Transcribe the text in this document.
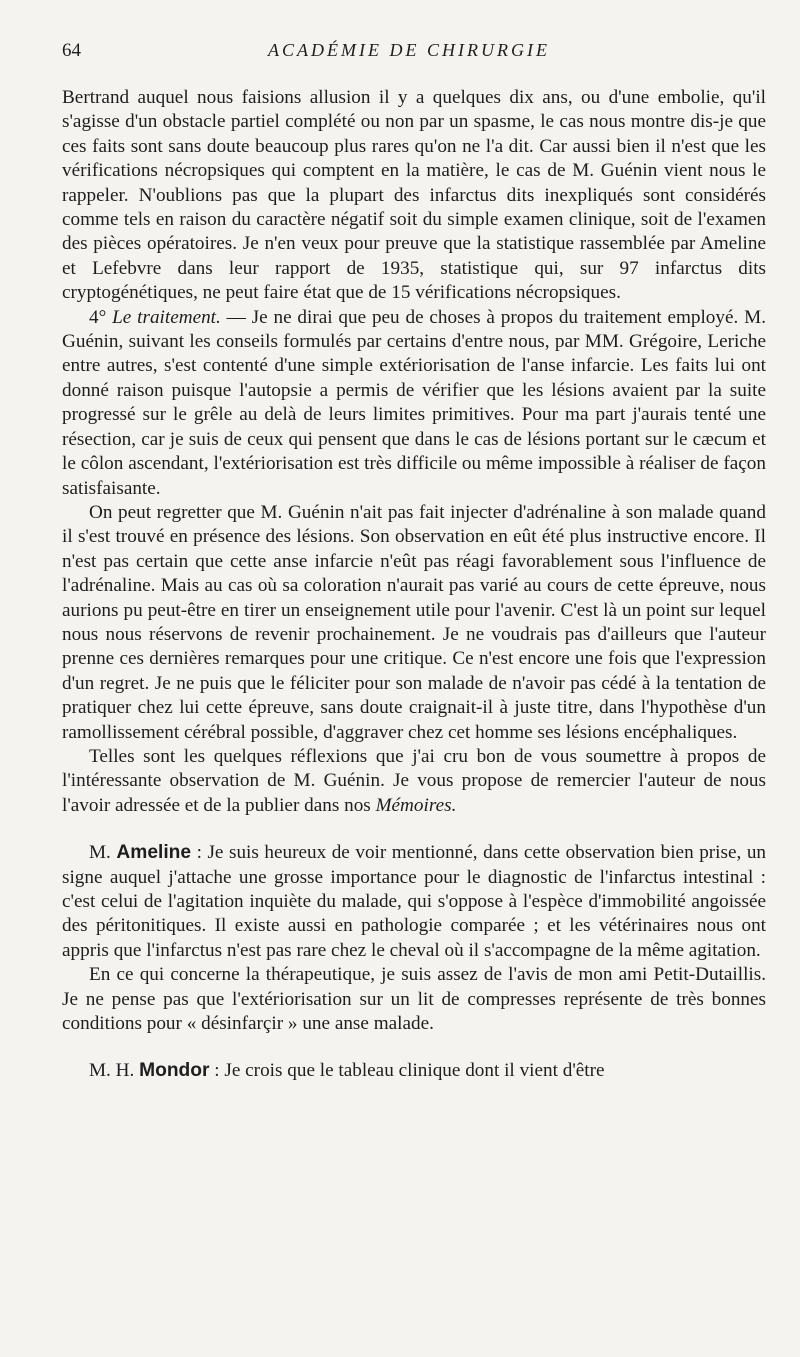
64	ACADÉMIE DE CHIRURGIE

Bertrand auquel nous faisions allusion il y a quelques dix ans, ou d'une embolie, qu'il s'agisse d'un obstacle partiel complété ou non par un spasme, le cas nous montre dis-je que ces faits sont sans doute beaucoup plus rares qu'on ne l'a dit. Car aussi bien il n'est que les vérifications nécropsiques qui comptent en la matière, le cas de M. Guénin vient nous le rappeler. N'oublions pas que la plupart des infarctus dits inexpliqués sont considérés comme tels en raison du caractère négatif soit du simple examen clinique, soit de l'examen des pièces opératoires. Je n'en veux pour preuve que la statistique rassemblée par Ameline et Lefebvre dans leur rapport de 1935, statistique qui, sur 97 infarctus dits cryptogénétiques, ne peut faire état que de 15 vérifications nécropsiques.

4° Le traitement. — Je ne dirai que peu de choses à propos du traitement employé. M. Guénin, suivant les conseils formulés par certains d'entre nous, par MM. Grégoire, Leriche entre autres, s'est contenté d'une simple extériorisation de l'anse infarcie. Les faits lui ont donné raison puisque l'autopsie a permis de vérifier que les lésions avaient par la suite progressé sur le grêle au delà de leurs limites primitives. Pour ma part j'aurais tenté une résection, car je suis de ceux qui pensent que dans le cas de lésions portant sur le cæcum et le côlon ascendant, l'extériorisation est très difficile ou même impossible à réaliser de façon satisfaisante.

On peut regretter que M. Guénin n'ait pas fait injecter d'adrénaline à son malade quand il s'est trouvé en présence des lésions. Son observation en eût été plus instructive encore. Il n'est pas certain que cette anse infarcie n'eût pas réagi favorablement sous l'influence de l'adrénaline. Mais au cas où sa coloration n'aurait pas varié au cours de cette épreuve, nous aurions pu peut-être en tirer un enseignement utile pour l'avenir. C'est là un point sur lequel nous nous réservons de revenir prochainement. Je ne voudrais pas d'ailleurs que l'auteur prenne ces dernières remarques pour une critique. Ce n'est encore une fois que l'expression d'un regret. Je ne puis que le féliciter pour son malade de n'avoir pas cédé à la tentation de pratiquer chez lui cette épreuve, sans doute craignait-il à juste titre, dans l'hypothèse d'un ramollissement cérébral possible, d'aggraver chez cet homme ses lésions encéphaliques.

Telles sont les quelques réflexions que j'ai cru bon de vous soumettre à propos de l'intéressante observation de M. Guénin. Je vous propose de remercier l'auteur de nous l'avoir adressée et de la publier dans nos Mémoires.

M. Ameline : Je suis heureux de voir mentionné, dans cette observation bien prise, un signe auquel j'attache une grosse importance pour le diagnostic de l'infarctus intestinal : c'est celui de l'agitation inquiète du malade, qui s'oppose à l'espèce d'immobilité angoissée des péritonitiques. Il existe aussi en pathologie comparée ; et les vétérinaires nous ont appris que l'infarctus n'est pas rare chez le cheval où il s'accompagne de la même agitation.

En ce qui concerne la thérapeutique, je suis assez de l'avis de mon ami Petit-Dutaillis. Je ne pense pas que l'extériorisation sur un lit de compresses représente de très bonnes conditions pour « désinfarçir » une anse malade.

M. H. Mondor : Je crois que le tableau clinique dont il vient d'être
